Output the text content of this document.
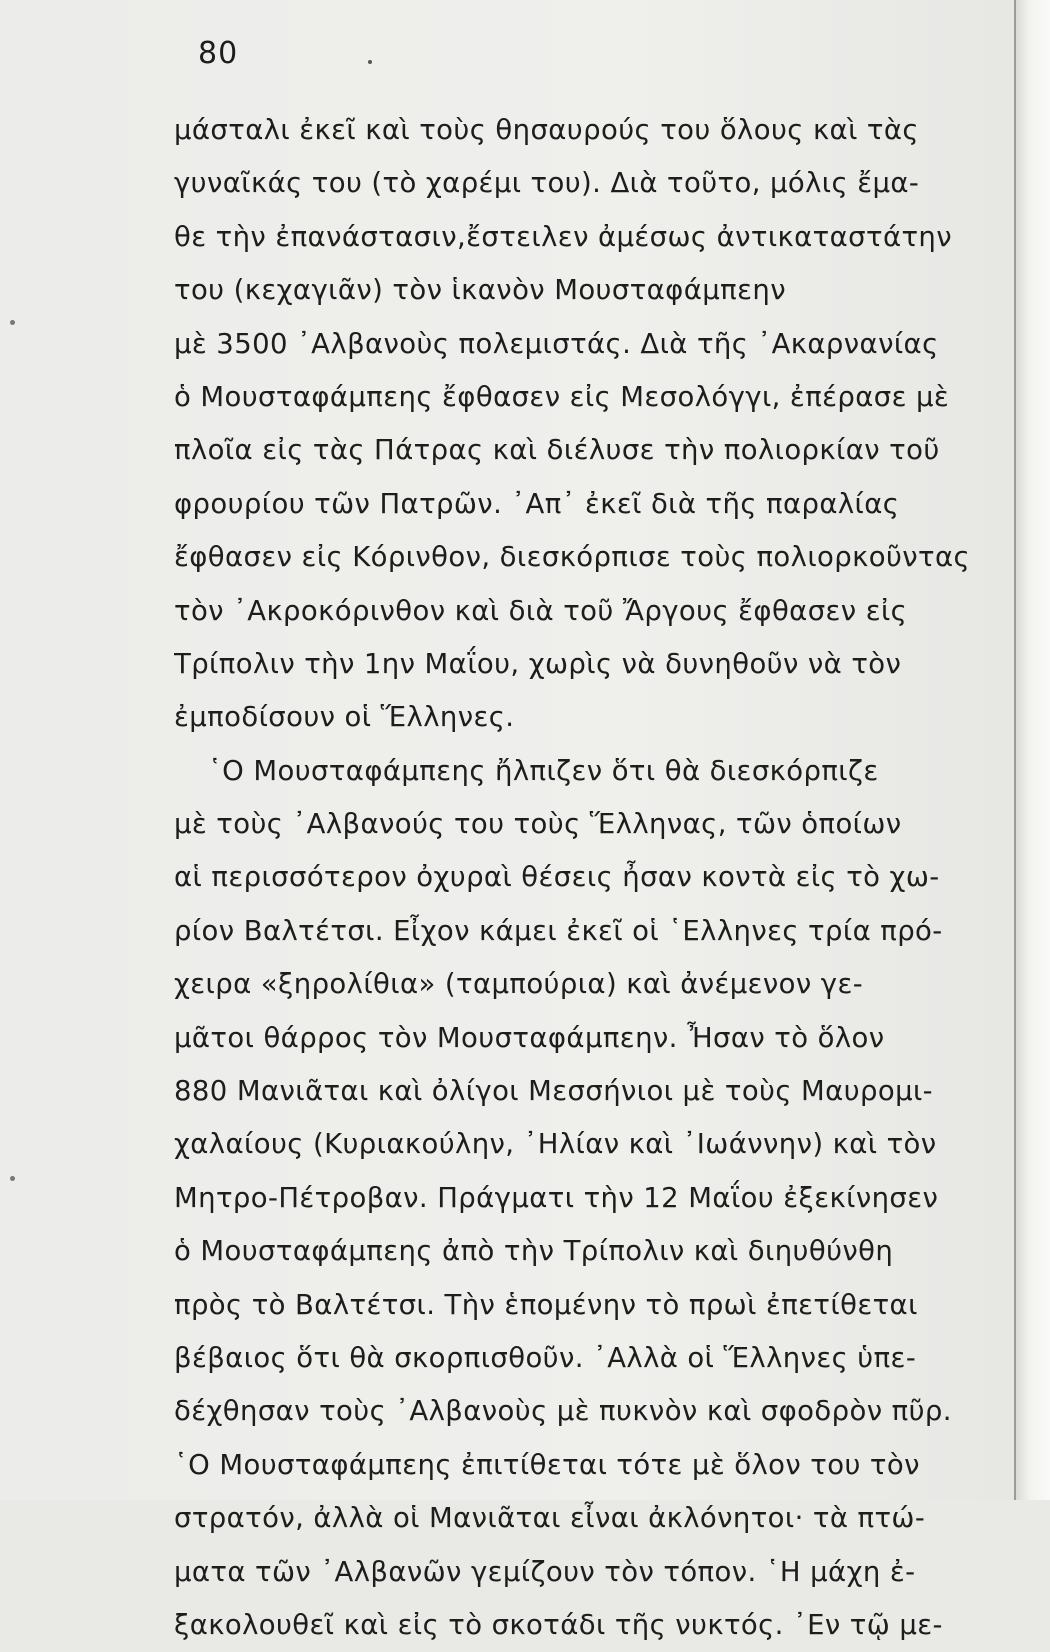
80
μάσταλι ἐκεῖ καὶ τοὺς θησαυρούς του ὅλους καὶ τὰς
γυναῖκάς του (τὸ χαρέμι του). Διὰ τοῦτο, μόλις ἔμα-
θε τὴν ἐπανάστασιν,ἔστειλεν ἀμέσως ἀντικαταστάτην
του (κεχαγιᾶν) τὸν ἱκανὸν Μουσταφάμπεην
μὲ 3500 ᾿Αλβανοὺς πολεμιστάς. Διὰ τῆς ᾿Ακαρνανίας
ὁ Μουσταφάμπεης ἔφθασεν εἰς Μεσολόγγι, ἐπέρασε μὲ
πλοῖα εἰς τὰς Πάτρας καὶ διέλυσε τὴν πολιορκίαν τοῦ
φρουρίου τῶν Πατρῶν. ᾿Απ᾿ ἐκεῖ διὰ τῆς παραλίας
ἔφθασεν εἰς Κόρινθον, διεσκόρπισε τοὺς πολιορκοῦντας
τὸν ᾿Ακροκόρινθον καὶ διὰ τοῦ Ἄργους ἔφθασεν εἰς
Τρίπολιν τὴν 1ην Μαΐου, χωρὶς νὰ δυνηθοῦν νὰ τὸν
ἐμποδίσουν οἱ Ἕλληνες.
῾Ο Μουσταφάμπεης ἤλπιζεν ὅτι θὰ διεσκόρπιζε
μὲ τοὺς ᾿Αλβανούς του τοὺς Ἕλληνας, τῶν ὁποίων
αἱ περισσότερον ὀχυραὶ θέσεις ἦσαν κοντὰ εἰς τὸ χω-
ρίον Βαλτέτσι. Εἶχον κάμει ἐκεῖ οἱ ῾Ελληνες τρία πρό-
χειρα «ξηρολίθια» (ταμπούρια) καὶ ἀνέμενον γε-
μᾶτοι θάρρος τὸν Μουσταφάμπεην. Ἦσαν τὸ ὅλον
880 Μανιᾶται καὶ ὀλίγοι Μεσσήνιοι μὲ τοὺς Μαυρομι-
χαλαίους (Κυριακούλην, ᾿Ηλίαν καὶ ᾿Ιωάννην) καὶ τὸν
Μητρο-Πέτροβαν. Πράγματι τὴν 12 Μαΐου ἐξεκίνησεν
ὁ Μουσταφάμπεης ἀπὸ τὴν Τρίπολιν καὶ διηυθύνθη
πρὸς τὸ Βαλτέτσι. Τὴν ἑπομένην τὸ πρωὶ ἐπετίθεται
βέβαιος ὅτι θὰ σκορπισθοῦν. ᾿Αλλὰ οἱ Ἕλληνες ὑπε-
δέχθησαν τοὺς ᾿Αλβανοὺς μὲ πυκνὸν καὶ σφοδρὸν πῦρ.
῾Ο Μουσταφάμπεης ἐπιτίθεται τότε μὲ ὅλον του τὸν
στρατόν, ἀλλὰ οἱ Μανιᾶται εἶναι ἀκλόνητοι· τὰ πτώ-
ματα τῶν ᾿Αλβανῶν γεμίζουν τὸν τόπον. ῾Η μάχη ἐ-
ξακολουθεῖ καὶ εἰς τὸ σκοτάδι τῆς νυκτός. ᾿Εν τῷ με-
